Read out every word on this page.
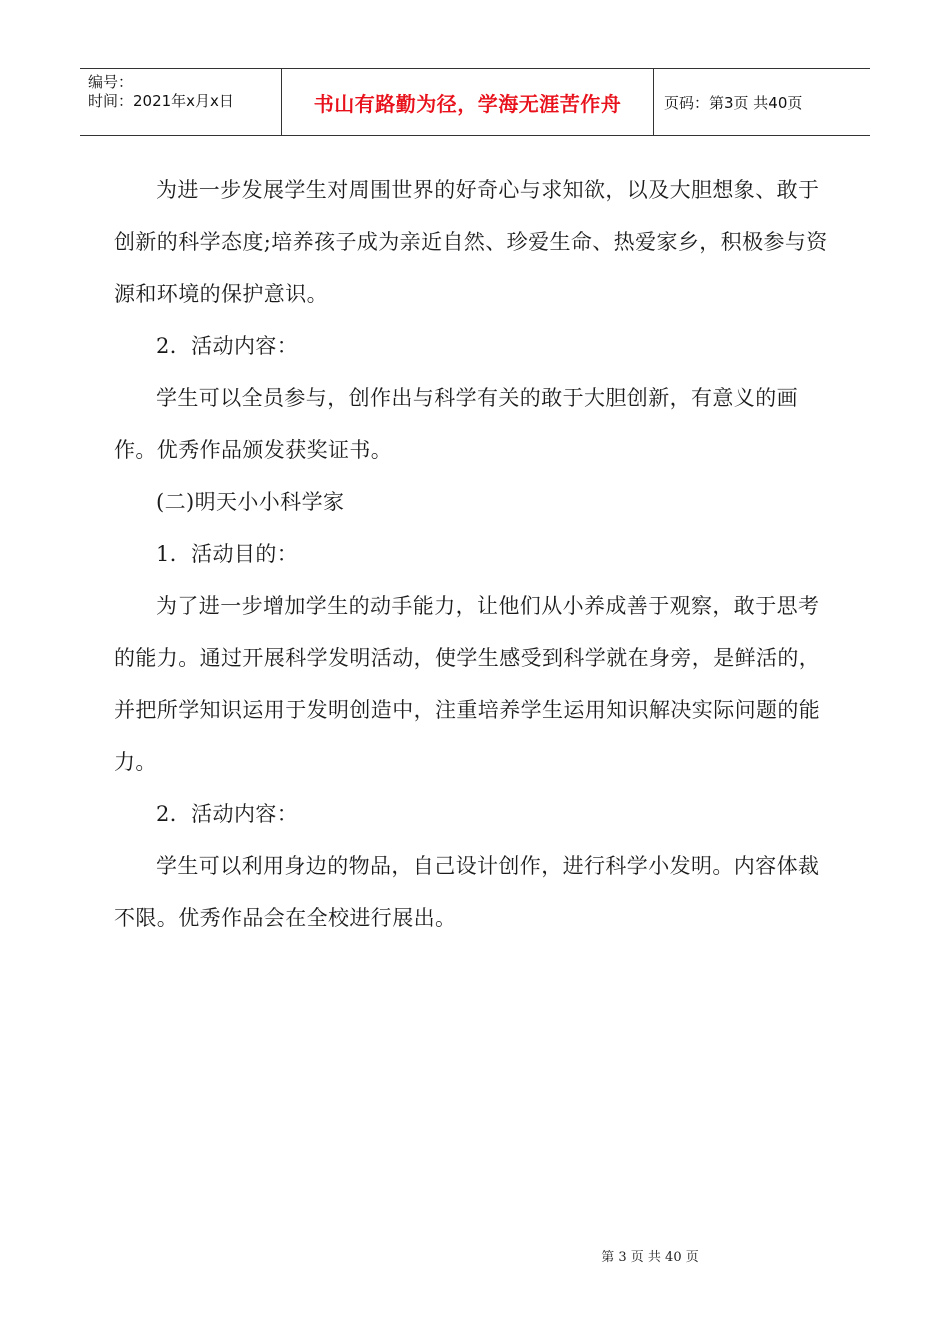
编号：
时间：2021年x月x日	书山有路勤为径，学海无涯苦作舟	页码：第3页 共40页

为进一步发展学生对周围世界的好奇心与求知欲，以及大胆想象、敢于创新的科学态度;培养孩子成为亲近自然、珍爱生命、热爱家乡，积极参与资源和环境的保护意识。

2．活动内容：

学生可以全员参与，创作出与科学有关的敢于大胆创新，有意义的画作。优秀作品颁发获奖证书。

(二)明天小小科学家

1．活动目的：

为了进一步增加学生的动手能力，让他们从小养成善于观察，敢于思考的能力。通过开展科学发明活动，使学生感受到科学就在身旁，是鲜活的，并把所学知识运用于发明创造中，注重培养学生运用知识解决实际问题的能力。

2．活动内容：

学生可以利用身边的物品，自己设计创作，进行科学小发明。内容体裁不限。优秀作品会在全校进行展出。

第 3 页 共 40 页
